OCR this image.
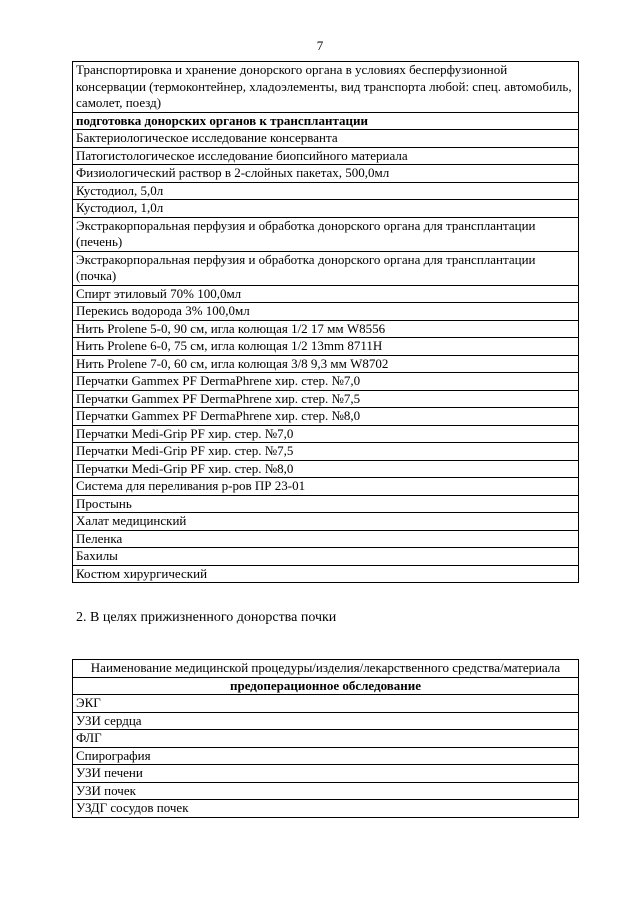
7
Транспортировка и хранение донорского органа в условиях бесперфузионной консервации (термоконтейнер, хладоэлементы, вид транспорта любой: спец. автомобиль, самолет, поезд)
подготовка донорских органов к трансплантации
Бактериологическое исследование консерванта
Патогистологическое исследование биопсийного материала
Физиологический раствор в 2-слойных пакетах, 500,0мл
Кустодиол, 5,0л
Кустодиол, 1,0л
Экстракорпоральная перфузия и обработка донорского органа для трансплантации (печень)
Экстракорпоральная перфузия и обработка донорского органа для трансплантации (почка)
Спирт этиловый 70% 100,0мл
Перекись водорода 3% 100,0мл
Нить Prolene 5-0, 90 см, игла колющая 1/2 17 мм W8556
Нить Prolene 6-0, 75 см, игла колющая 1/2 13mm 8711H
Нить Prolene 7-0, 60 см, игла колющая 3/8 9,3 мм W8702
Перчатки Gammex PF DermaPhrene хир. стер. №7,0
Перчатки Gammex PF DermaPhrene хир. стер. №7,5
Перчатки Gammex PF DermaPhrene хир. стер. №8,0
Перчатки Medi-Grip PF хир. стер. №7,0
Перчатки Medi-Grip PF хир. стер. №7,5
Перчатки Medi-Grip PF хир. стер. №8,0
Система для переливания р-ров ПР 23-01
Простынь
Халат медицинский
Пеленка
Бахилы
Костюм хирургический
2. В целях прижизненного донорства почки
Наименование медицинской процедуры/изделия/лекарственного средства/материала
предоперационное обследование
ЭКГ
УЗИ сердца
ФЛГ
Спирография
УЗИ печени
УЗИ почек
УЗДГ сосудов почек
